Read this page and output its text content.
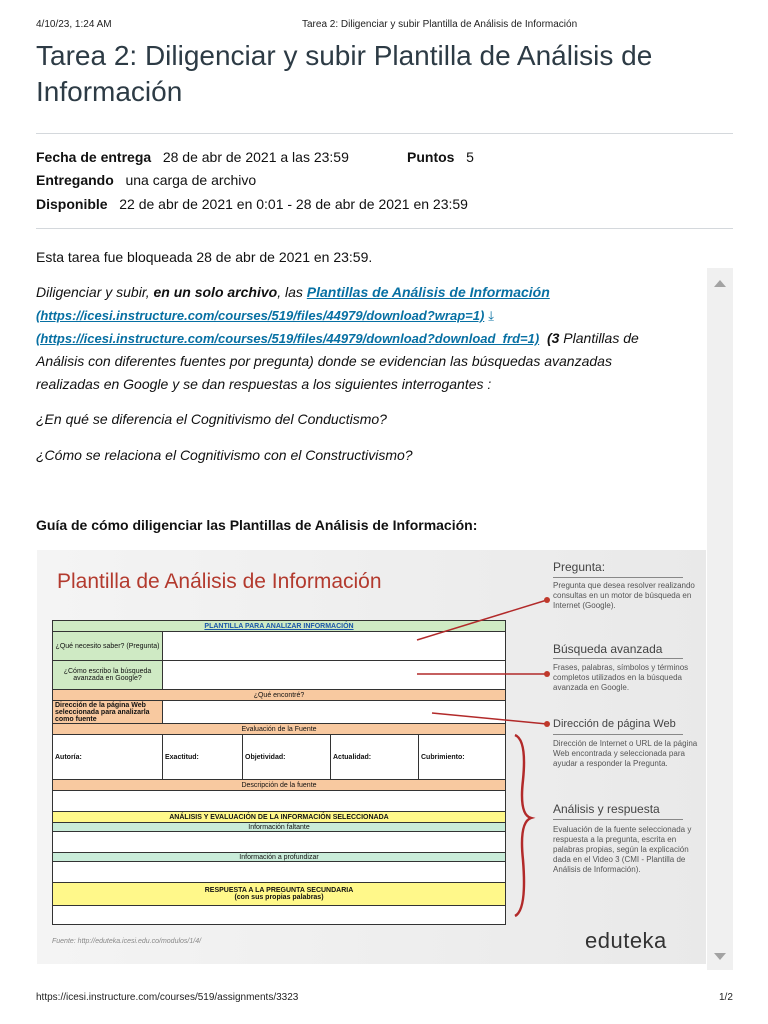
4/10/23, 1:24 AM	Tarea 2: Diligenciar y subir Plantilla de Análisis de Información
Tarea 2: Diligenciar y subir Plantilla de Análisis de Información
Fecha de entrega 28 de abr de 2021 a las 23:59	Puntos 5
Entregando una carga de archivo
Disponible 22 de abr de 2021 en 0:01 - 28 de abr de 2021 en 23:59
Esta tarea fue bloqueada 28 de abr de 2021 en 23:59.
Diligenciar y subir, en un solo archivo, las Plantillas de Análisis de Información
(https://icesi.instructure.com/courses/519/files/44979/download?wrap=1) ⤓
(https://icesi.instructure.com/courses/519/files/44979/download?download_frd=1) (3 Plantillas de
Análisis con diferentes fuentes por pregunta) donde se evidencian las búsquedas avanzadas
realizadas en Google y se dan respuestas a los siguientes interrogantes :
¿En qué se diferencia el Cognitivismo del Conductismo?
¿Cómo se relaciona el Cognitivismo con el Constructivismo?
Guía de cómo diligenciar las Plantillas de Análisis de Información:
Plantilla de Análisis de Información
PLANTILLA PARA ANALIZAR INFORMACIÓN
¿Qué necesito saber? (Pregunta)
¿Cómo escribo la búsqueda avanzada en Google?
¿Qué encontré?
Dirección de la página Web seleccionada para analizarla como fuente
Evaluación de la Fuente
Autoría:	Exactitud:	Objetividad:	Actualidad:	Cubrimiento:
Descripción de la fuente
ANÁLISIS Y EVALUACIÓN DE LA INFORMACIÓN SELECCIONADA
Información faltante
Información a profundizar
RESPUESTA A LA PREGUNTA SECUNDARIA
(con sus propias palabras)
Fuente: http://eduteka.icesi.edu.co/modulos/1/4/
Pregunta:
Pregunta que desea resolver realizando consultas en un motor de búsqueda en Internet (Google).
Búsqueda avanzada
Frases, palabras, símbolos y términos completos utilizados en la búsqueda avanzada en Google.
Dirección de página Web
Dirección de Internet o URL de la página Web encontrada y seleccionada para ayudar a responder la Pregunta.
Análisis y respuesta
Evaluación de la fuente seleccionada y respuesta a la pregunta, escrita en palabras propias, según la explicación dada en el Video 3 (CMI - Plantilla de Análisis de Información).
eduteka
https://icesi.instructure.com/courses/519/assignments/3323	1/2
